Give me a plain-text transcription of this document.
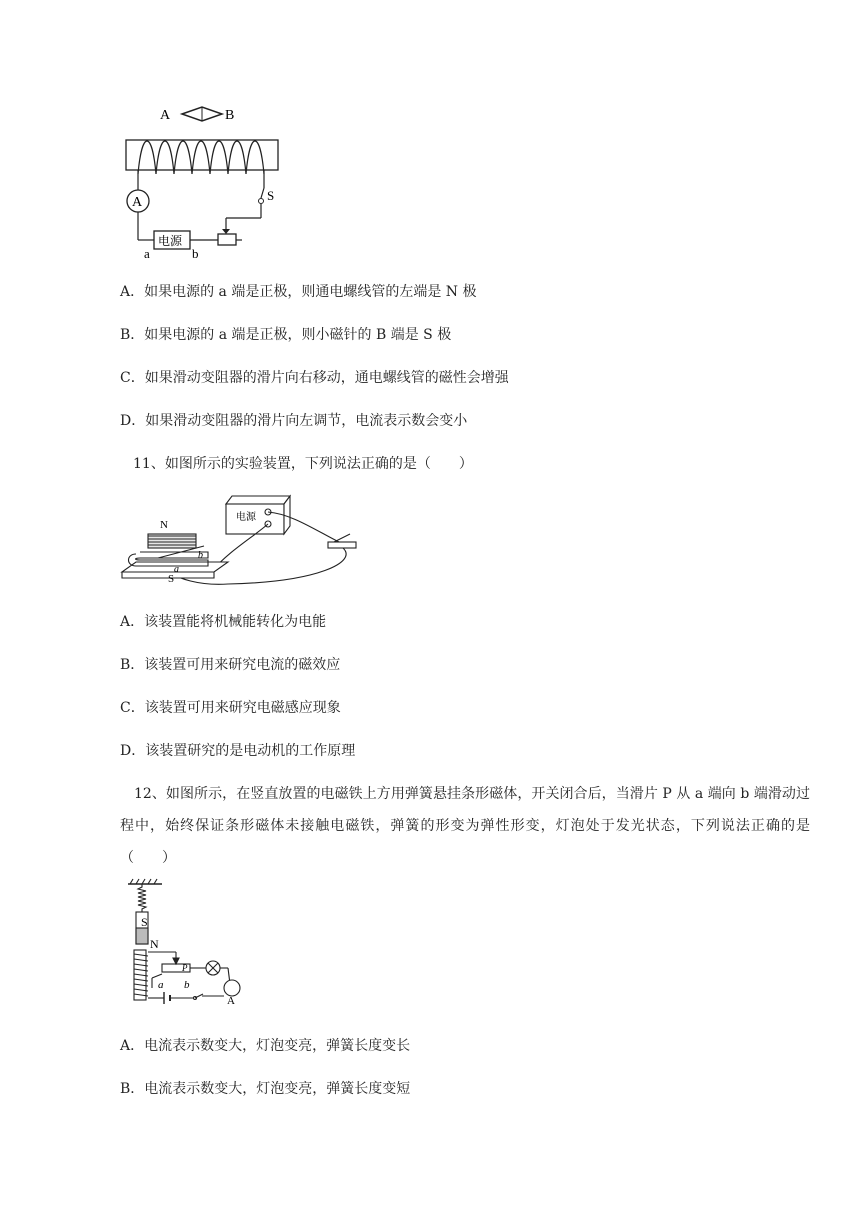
A	B
S
A
电源
a	b
A．如果电源的 a 端是正极，则通电螺线管的左端是 N 极
B．如果电源的 a 端是正极，则小磁针的 B 端是 S 极
C．如果滑动变阻器的滑片向右移动，通电螺线管的磁性会增强
D．如果滑动变阻器的滑片向左调节，电流表示数会变小
11、如图所示的实验装置，下列说法正确的是（　　）
N
S
a
b
电源
A．该装置能将机械能转化为电能
B．该装置可用来研究电流的磁效应
C．该装置可用来研究电磁感应现象
D．该装置研究的是电动机的工作原理
12、如图所示，在竖直放置的电磁铁上方用弹簧悬挂条形磁体，开关闭合后，当滑片 P 从 a 端向 b 端滑动过程中，始终保证条形磁体未接触电磁铁，弹簧的形变为弹性形变，灯泡处于发光状态，下列说法正确的是（　　）
S
N
P
a b
A
A．电流表示数变大，灯泡变亮，弹簧长度变长
B．电流表示数变大，灯泡变亮，弹簧长度变短
